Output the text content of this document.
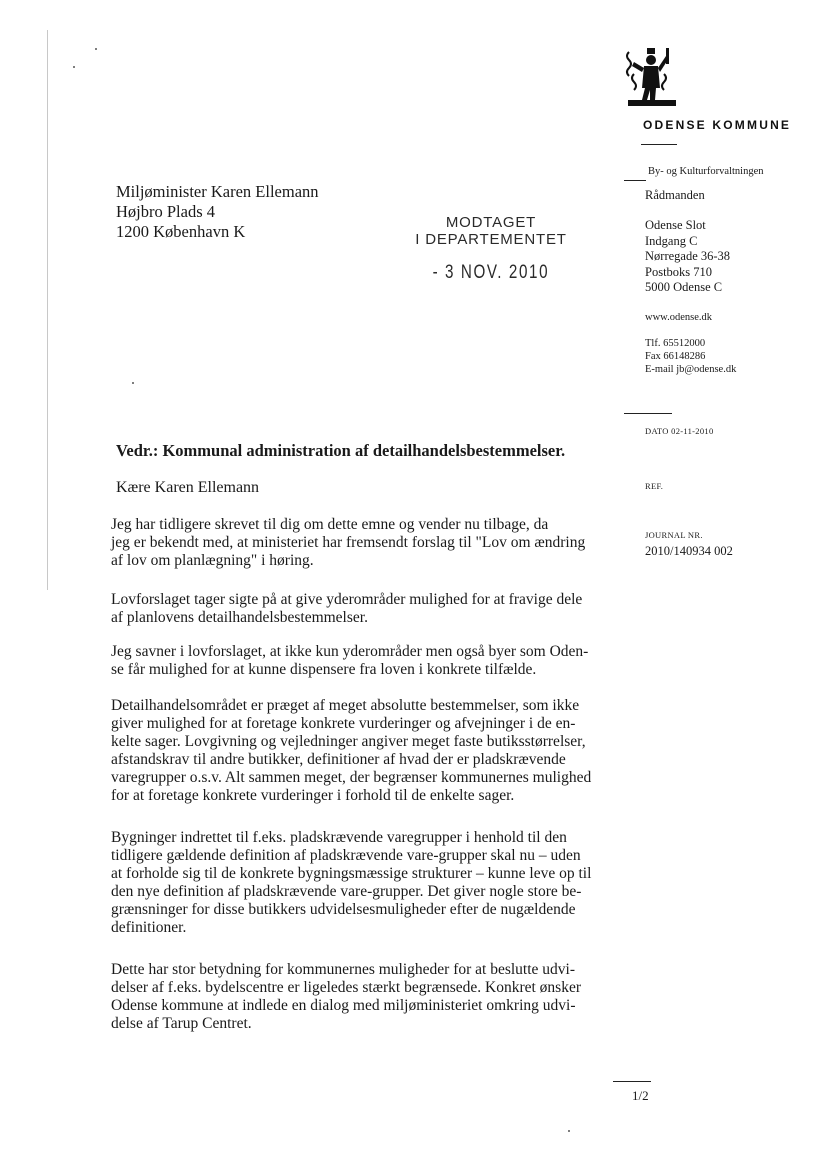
ODENSE KOMMUNE
By- og Kulturforvaltningen
Rådmanden
Odense Slot
Indgang C
Nørregade 36-38
Postboks 710
5000 Odense C
www.odense.dk
Tlf. 65512000
Fax 66148286
E-mail jb@odense.dk
DATO 02-11-2010
REF.
JOURNAL NR.
2010/140934 002
Miljøminister Karen Ellemann
Højbro Plads 4
1200 København K	MODTAGET
I DEPARTEMENTET
- 3 NOV. 2010
Vedr.: Kommunal administration af detailhandelsbestemmelser.
Kære Karen Ellemann
Jeg har tidligere skrevet til dig om dette emne og vender nu tilbage, da
jeg er bekendt med, at ministeriet har fremsendt forslag til "Lov om ændring
af lov om planlægning" i høring.
Lovforslaget tager sigte på at give yderområder mulighed for at fravige dele
af planlovens detailhandelsbestemmelser.
Jeg savner i lovforslaget, at ikke kun yderområder men også byer som Oden-
se får mulighed for at kunne dispensere fra loven i konkrete tilfælde.
Detailhandelsområdet er præget af meget absolutte bestemmelser, som ikke
giver mulighed for at foretage konkrete vurderinger og afvejninger i de en-
kelte sager. Lovgivning og vejledninger angiver meget faste butiksstørrelser,
afstandskrav til andre butikker, definitioner af hvad der er pladskrævende
varegrupper o.s.v. Alt sammen meget, der begrænser kommunernes mulighed
for at foretage konkrete vurderinger i forhold til de enkelte sager.
Bygninger indrettet til f.eks. pladskrævende varegrupper i henhold til den
tidligere gældende definition af pladskrævende vare-grupper skal nu – uden
at forholde sig til de konkrete bygningsmæssige strukturer – kunne leve op til
den nye definition af pladskrævende vare-grupper. Det giver nogle store be-
grænsninger for disse butikkers udvidelsesmuligheder efter de nugældende
definitioner.
Dette har stor betydning for kommunernes muligheder for at beslutte udvi-
delser af f.eks. bydelscentre er ligeledes stærkt begrænsede. Konkret ønsker
Odense kommune at indlede en dialog med miljøministeriet omkring udvi-
delse af Tarup Centret.
1/2
